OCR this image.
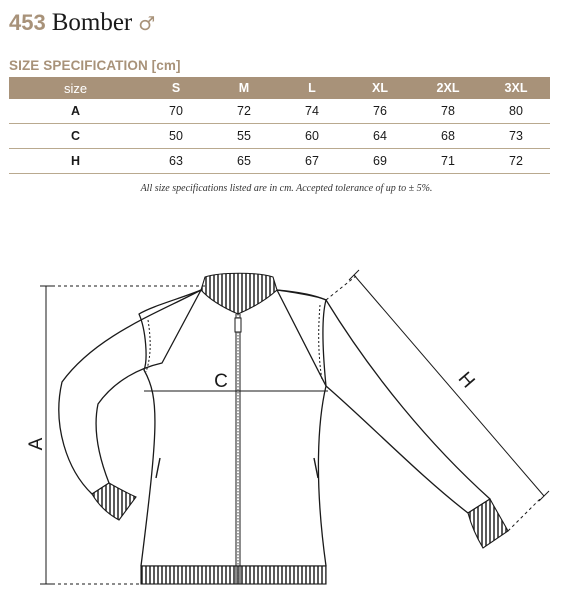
453 Bomber ♂
SIZE SPECIFICATION [cm]
size	S	M	L	XL	2XL	3XL
A	70	72	74	76	78	80
C	50	55	60	64	68	73
H	63	65	67	69	71	72
All size specifications listed are in cm. Accepted tolerance of up to ± 5%.
A
C	H
